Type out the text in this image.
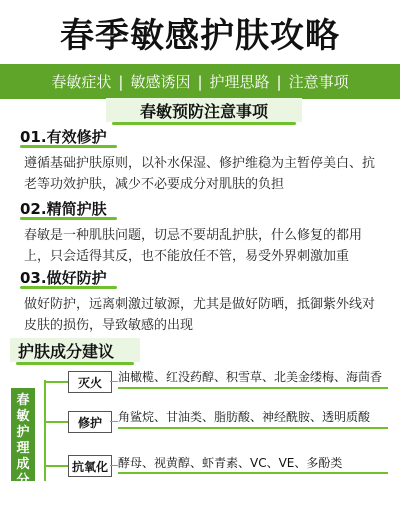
春季敏感护肤攻略
春敏症状 | 敏感诱因 | 护理思路 | 注意事项
春敏预防注意事项
01.有效修护
遵循基础护肤原则，以补水保湿、修护维稳为主暂停美白、抗老等功效护肤，减少不必要成分对肌肤的负担
02.精简护肤
春敏是一种肌肤问题，切忌不要胡乱护肤，什么修复的都用上，只会适得其反，也不能放任不管，易受外界刺激加重
03.做好防护
做好防护，远离刺激过敏源，尤其是做好防晒，抵御紫外线对皮肤的损伤，导致敏感的出现
护肤成分建议
春敏护理成分建
灭火	油橄榄、红没药醇、积雪草、北美金缕梅、海茴香
修护	角鲨烷、甘油类、脂肪酸、神经酰胺、透明质酸
抗氧化 酵母、视黄醇、虾青素、VC、VE、多酚类
